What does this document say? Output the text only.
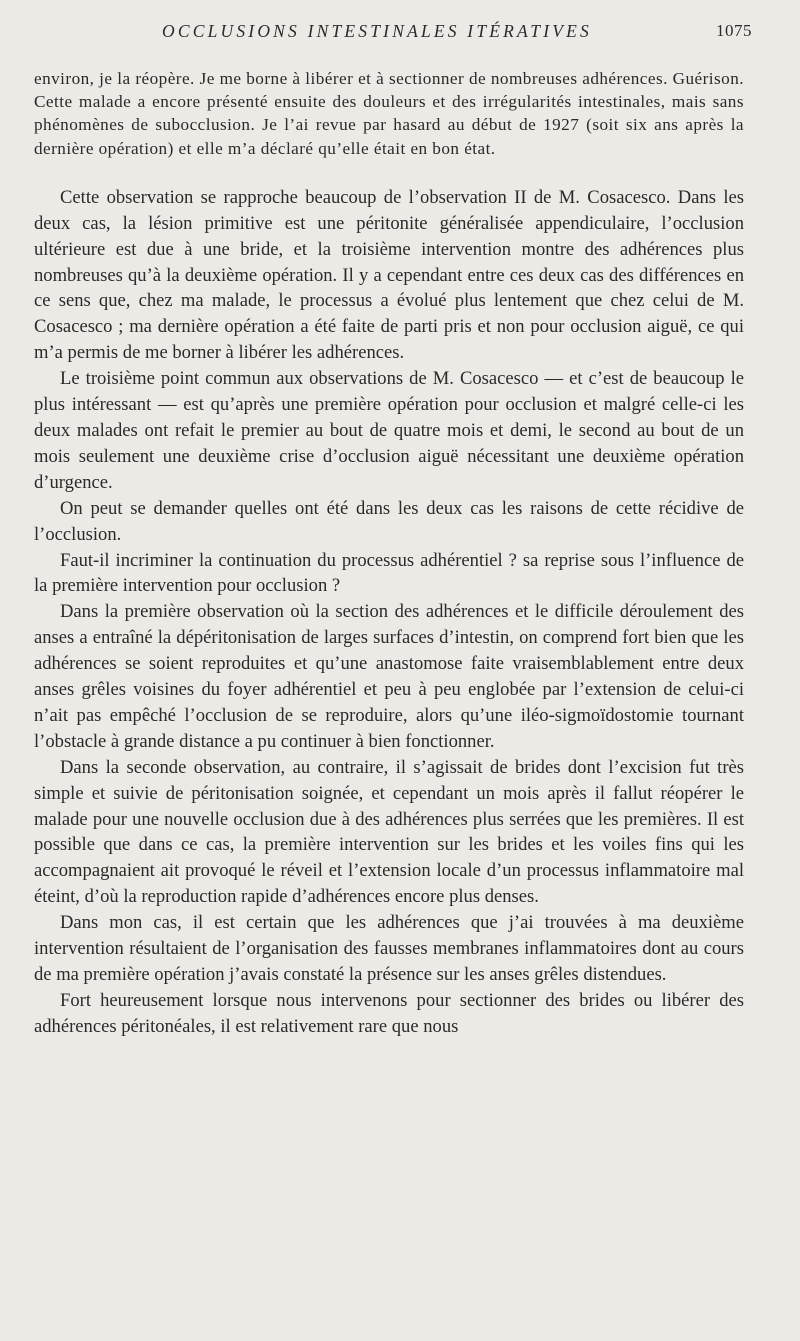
OCCLUSIONS INTESTINALES ITÉRATIVES	1075

environ, je la réopère. Je me borne à libérer et à sectionner de nombreuses adhérences. Guérison. Cette malade a encore présenté ensuite des douleurs et des irrégularités intestinales, mais sans phénomènes de subocclusion. Je l’ai revue par hasard au début de 1927 (soit six ans après la dernière opération) et elle m’a déclaré qu’elle était en bon état.

Cette observation se rapproche beaucoup de l’observation II de M. Cosacesco. Dans les deux cas, la lésion primitive est une péritonite généralisée appendiculaire, l’occlusion ultérieure est due à une bride, et la troisième intervention montre des adhérences plus nombreuses qu’à la deuxième opération. Il y a cependant entre ces deux cas des différences en ce sens que, chez ma malade, le processus a évolué plus lentement que chez celui de M. Cosacesco ; ma dernière opération a été faite de parti pris et non pour occlusion aiguë, ce qui m’a permis de me borner à libérer les adhérences.

Le troisième point commun aux observations de M. Cosacesco — et c’est de beaucoup le plus intéressant — est qu’après une première opération pour occlusion et malgré celle-ci les deux malades ont refait le premier au bout de quatre mois et demi, le second au bout de un mois seulement une deuxième crise d’occlusion aiguë nécessitant une deuxième opération d’urgence.

On peut se demander quelles ont été dans les deux cas les raisons de cette récidive de l’occlusion.

Faut-il incriminer la continuation du processus adhérentiel ? sa reprise sous l’influence de la première intervention pour occlusion ?

Dans la première observation où la section des adhérences et le difficile déroulement des anses a entraîné la dépéritonisation de larges surfaces d’intestin, on comprend fort bien que les adhérences se soient reproduites et qu’une anastomose faite vraisemblablement entre deux anses grêles voisines du foyer adhérentiel et peu à peu englobée par l’extension de celui-ci n’ait pas empêché l’occlusion de se reproduire, alors qu’une iléo-sigmoïdostomie tournant l’obstacle à grande distance a pu continuer à bien fonctionner.

Dans la seconde observation, au contraire, il s’agissait de brides dont l’excision fut très simple et suivie de péritonisation soignée, et cependant un mois après il fallut réopérer le malade pour une nouvelle occlusion due à des adhérences plus serrées que les premières. Il est possible que dans ce cas, la première intervention sur les brides et les voiles fins qui les accompagnaient ait provoqué le réveil et l’extension locale d’un processus inflammatoire mal éteint, d’où la reproduction rapide d’adhérences encore plus denses.

Dans mon cas, il est certain que les adhérences que j’ai trouvées à ma deuxième intervention résultaient de l’organisation des fausses membranes inflammatoires dont au cours de ma première opération j’avais constaté la présence sur les anses grêles distendues.

Fort heureusement lorsque nous intervenons pour sectionner des brides ou libérer des adhérences péritonéales, il est relativement rare que nous
